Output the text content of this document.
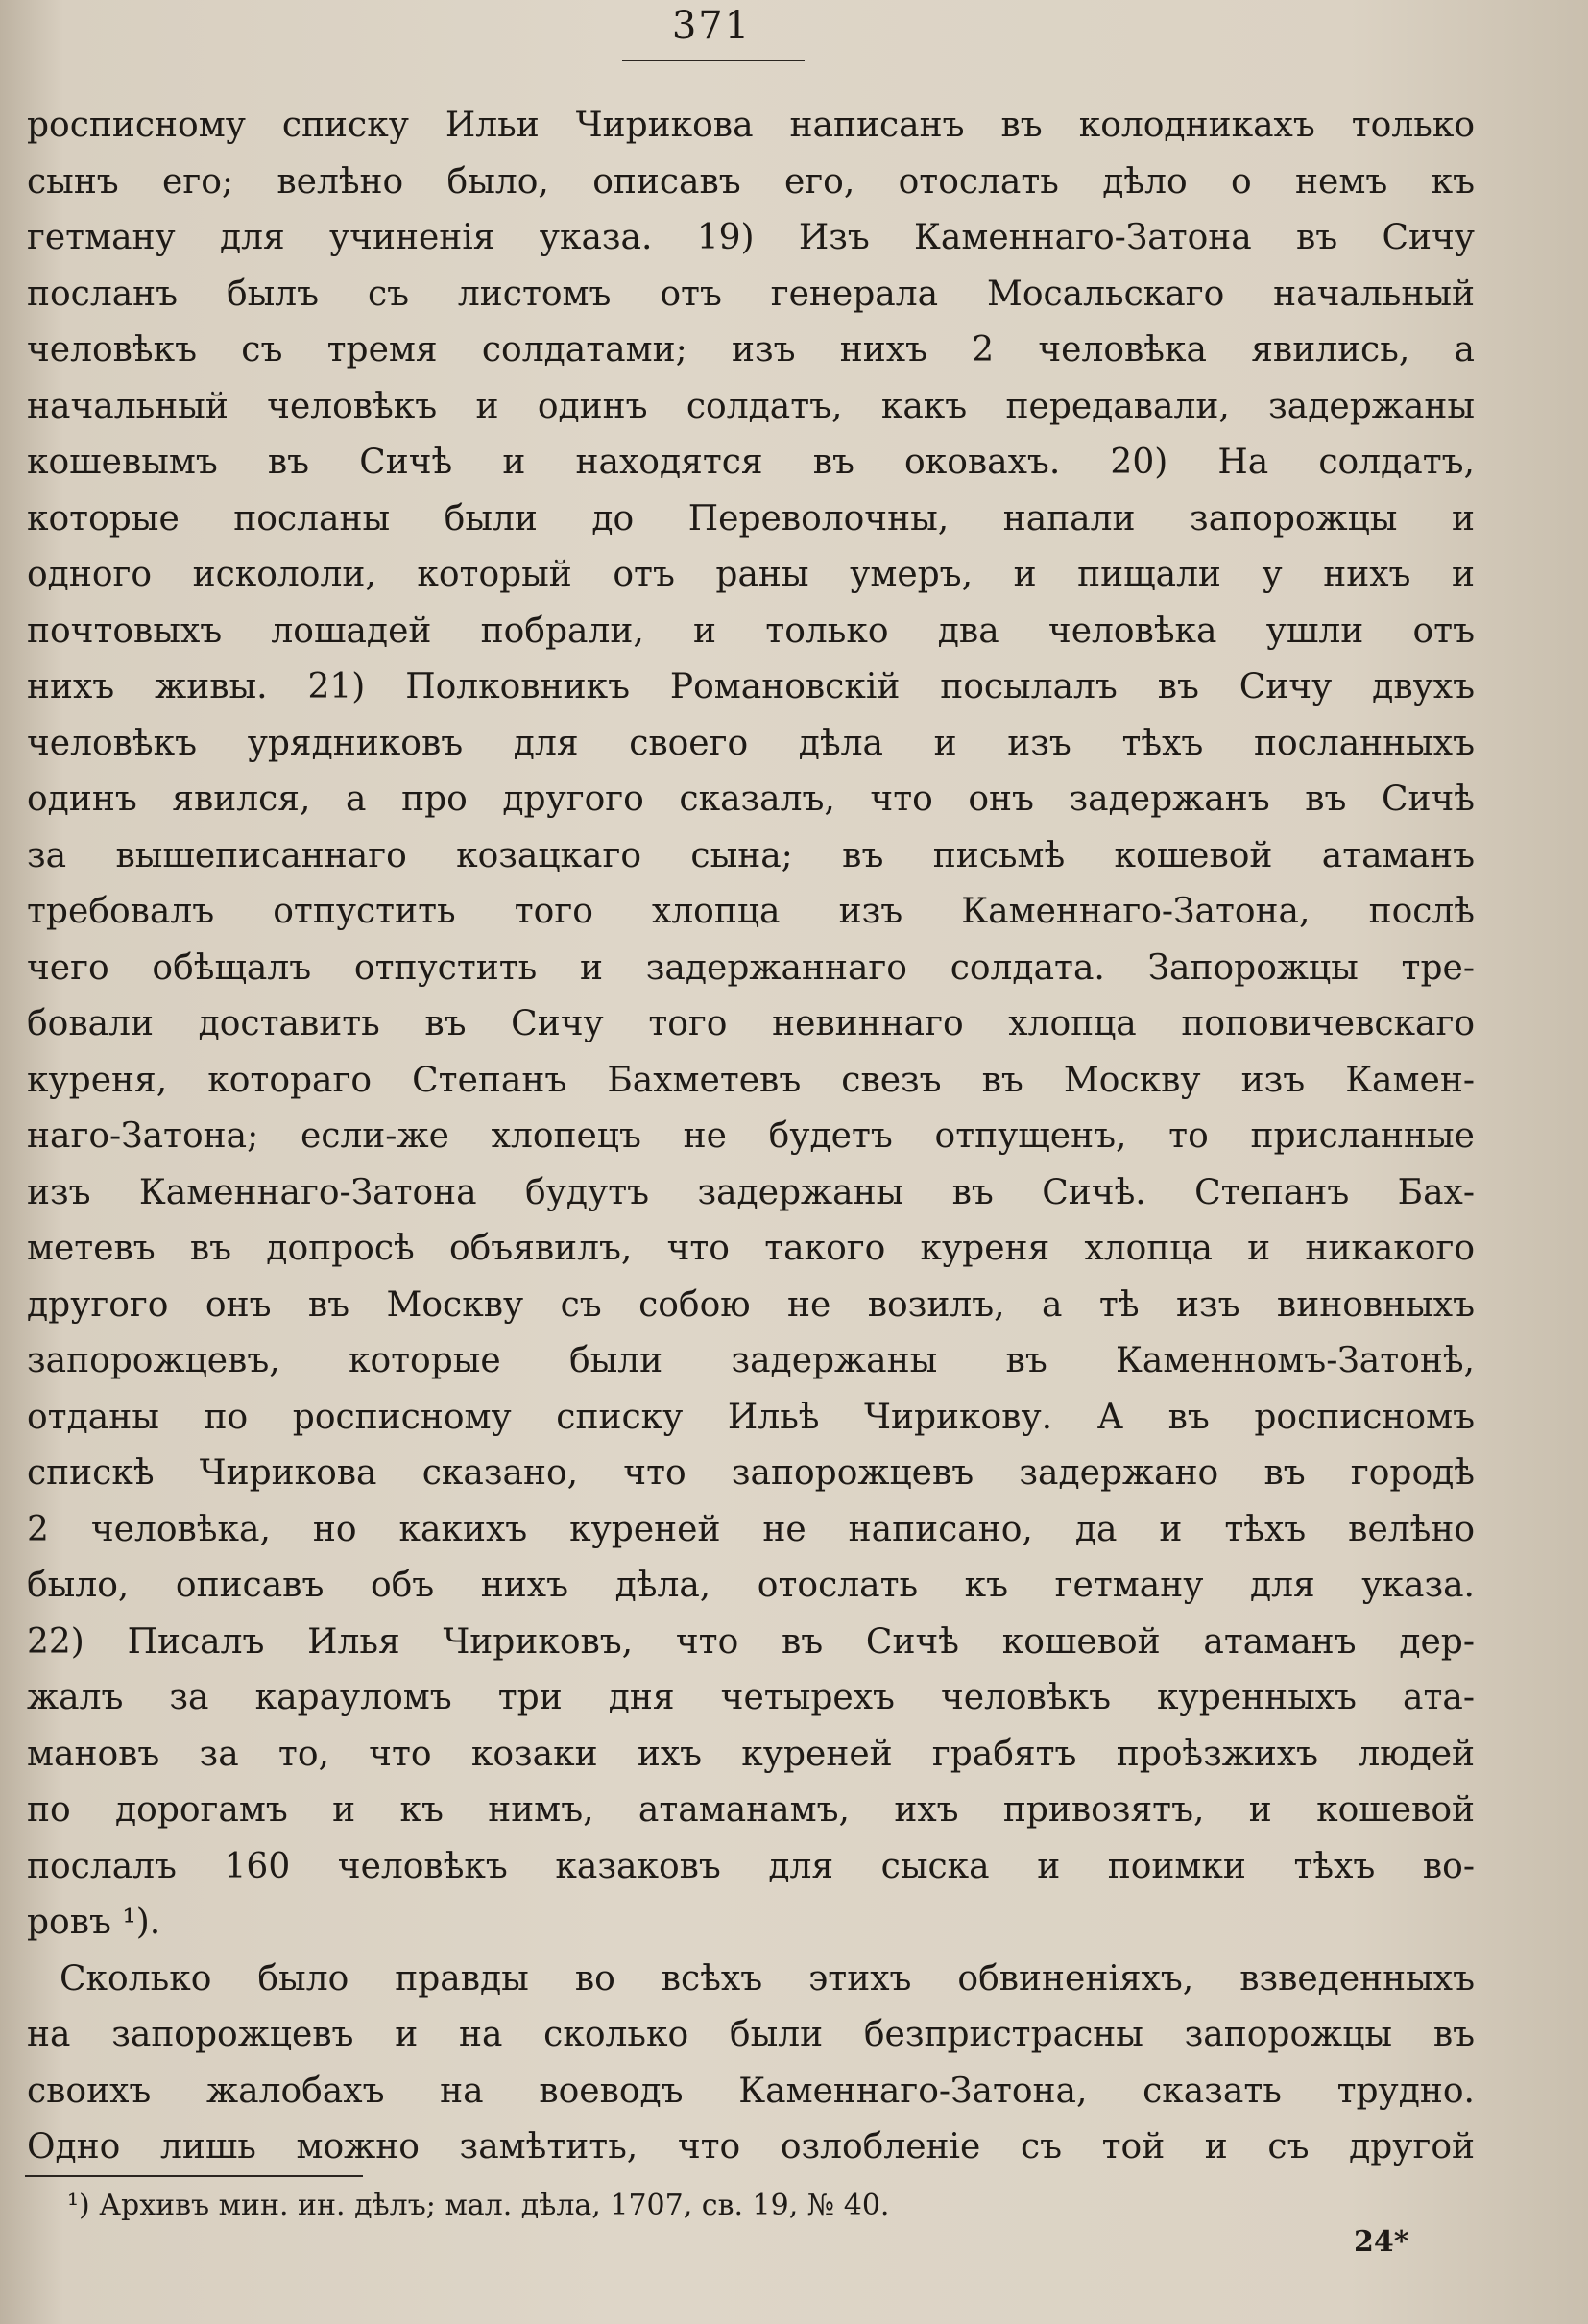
371
росписному списку Ильи Чирикова написанъ въ колодникахъ только
сынъ его; велѣно было, описавъ его, отослать дѣло о немъ къ
гетману для учиненія указа. 19) Изъ Каменнаго-Затона въ Сичу
посланъ былъ съ листомъ отъ генерала Мосальскаго начальный
человѣкъ съ тремя солдатами; изъ нихъ 2 человѣка явились, а
начальный человѣкъ и одинъ солдатъ, какъ передавали, задержаны
кошевымъ въ Сичѣ и находятся въ оковахъ. 20) На солдатъ,
которые посланы были до Переволочны, напали запорожцы и
одного искололи, который отъ раны умеръ, и пищали у нихъ и
почтовыхъ лошадей побрали, и только два человѣка ушли отъ
нихъ живы. 21) Полковникъ Романовскій посылалъ въ Сичу двухъ
человѣкъ урядниковъ для своего дѣла и изъ тѣхъ посланныхъ
одинъ явился, а про другого сказалъ, что онъ задержанъ въ Сичѣ
за вышеписаннаго козацкаго сына; въ письмѣ кошевой атаманъ
требовалъ отпустить того хлопца изъ Каменнаго-Затона, послѣ
чего обѣщалъ отпустить и задержаннаго солдата. Запорожцы тре-
бовали доставить въ Сичу того невиннаго хлопца поповичевскаго
куреня, котораго Степанъ Бахметевъ свезъ въ Москву изъ Камен-
наго-Затона; если-же хлопецъ не будетъ отпущенъ, то присланные
изъ Каменнаго-Затона будутъ задержаны въ Сичѣ. Степанъ Бах-
метевъ въ допросѣ объявилъ, что такого куреня хлопца и никакого
другого онъ въ Москву съ собою не возилъ, а тѣ изъ виновныхъ
запорожцевъ, которые были задержаны въ Каменномъ-Затонѣ,
отданы по росписному списку Ильѣ Чирикову. А въ росписномъ
спискѣ Чирикова сказано, что запорожцевъ задержано въ городѣ
2 человѣка, но какихъ куреней не написано, да и тѣхъ велѣно
было, описавъ объ нихъ дѣла, отослать къ гетману для указа.
22) Писалъ Илья Чириковъ, что въ Сичѣ кошевой атаманъ дер-
жалъ за карауломъ три дня четырехъ человѣкъ куренныхъ ата-
мановъ за то, что козаки ихъ куреней грабятъ проѣзжихъ людей
по дорогамъ и къ нимъ, атаманамъ, ихъ привозятъ, и кошевой
послалъ 160 человѣкъ казаковъ для сыска и поимки тѣхъ во-
ровъ ¹).
Сколько было правды во всѣхъ этихъ обвиненіяхъ, взведенныхъ
на запорожцевъ и на сколько были безпристрасны запорожцы въ
своихъ жалобахъ на воеводъ Каменнаго-Затона, сказать трудно.
Одно лишь можно замѣтить, что озлобленіе съ той и съ другой
¹) Архивъ мин. ин. дѣлъ; мал. дѣла, 1707, св. 19, № 40.
24*
